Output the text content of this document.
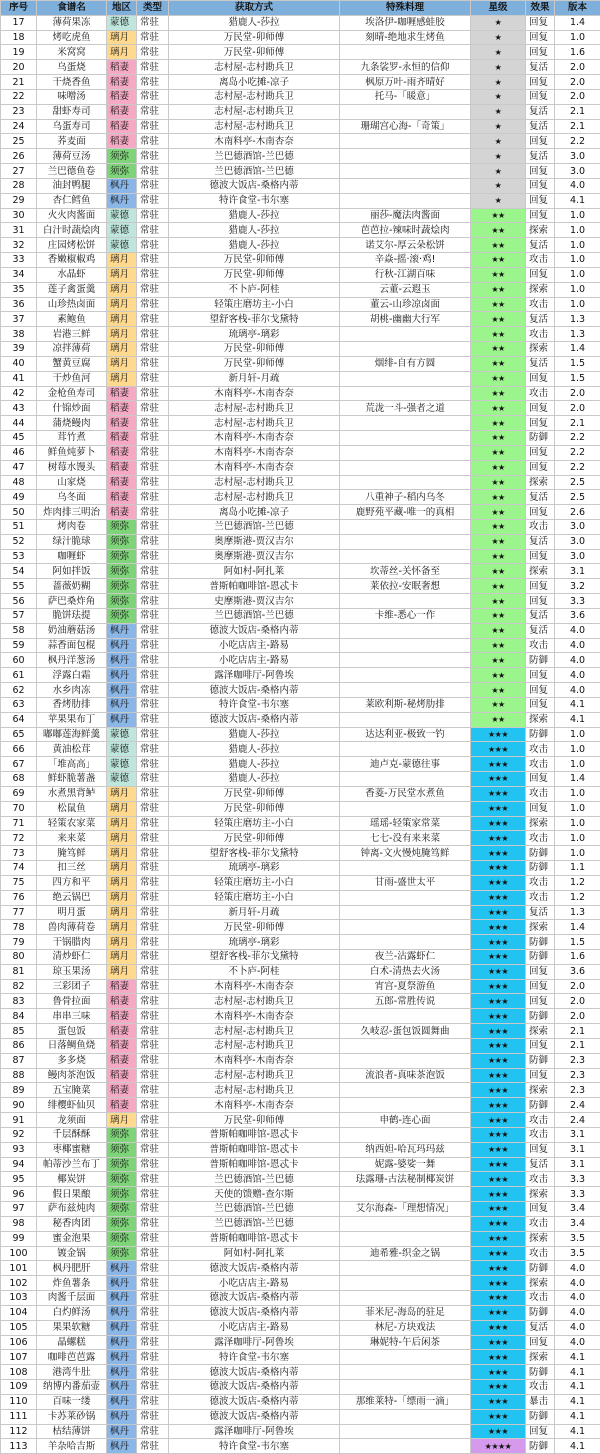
序号	食谱名	地区	类型	获取方式	特殊料理	星级	效果	版本
17	薄荷果冻	蒙德	常驻	猎鹿人-莎拉	埃洛伊-咖喱感蛙胶	★	回复	1.4
18	烤吃虎鱼	璃月	常驻	万民堂-卯师傅	刻晴-绝地求生烤鱼	★	回复	1.0
19	米窝窝	璃月	常驻	万民堂-卯师傅		★	回复	1.6
20	乌蛋烧	稻妻	常驻	志村屋-志村勘兵卫	九条裟罗-永恒的信仰	★	复活	2.0
21	干烧香鱼	稻妻	常驻	离岛小吃摊-凉子	枫原万叶-雨齐晴好	★	回复	2.0
22	味噌汤	稻妻	常驻	志村屋-志村勘兵卫	托马-「暖意」	★	回复	2.0
23	甜虾寿司	稻妻	常驻	志村屋-志村勘兵卫		★	复活	2.1
24	乌蛋寿司	稻妻	常驻	志村屋-志村勘兵卫	珊瑚宫心海-「奇策」	★	复活	2.1
25	荞麦面	稻妻	常驻	木南料亭-木南杏奈		★	回复	2.2
26	薄荷豆汤	须弥	常驻	兰巴德酒馆-兰巴德		★	复活	3.0
27	兰巴德鱼卷	须弥	常驻	兰巴德酒馆-兰巴德		★	回复	3.0
28	油封鸭腿	枫丹	常驻	德波大饭店-桑格内蒂		★	回复	4.0
29	杏仁鳕鱼	枫丹	常驻	特许食堂-韦尔塞		★	回复	4.1
30	火火肉酱面	蒙德	常驻	猎鹿人-莎拉	丽莎-魔法肉酱面	★★	回复	1.0
31	白汁时蔬烩肉	蒙德	常驻	猎鹿人-莎拉	芭芭拉-辣味时蔬烩肉	★★	探索	1.0
32	庄园烤松饼	蒙德	常驻	猎鹿人-莎拉	诺艾尔-厚云朵松饼	★★	复活	1.0
33	香嫩椒椒鸡	璃月	常驻	万民堂-卯师傅	辛焱-摇·滚·鸡!	★★	攻击	1.0
34	水晶虾	璃月	常驻	万民堂-卯师傅	行秋-江湖百味	★★	回复	1.0
35	莲子禽蛋羹	璃月	常驻	不卜庐-阿桂	云董-云遐玉	★★	探索	1.0
36	山珍热卤面	璃月	常驻	轻策庄磨坊主-小白	董云-山珍凉卤面	★★	攻击	1.0
37	素鲍鱼	璃月	常驻	望舒客栈-菲尔戈黛特	胡桃-幽幽大行军	★★	复活	1.3
38	岩港三鲜	璃月	常驻	琉璃亭-璃彩		★★	攻击	1.3
39	凉拌薄荷	璃月	常驻	万民堂-卯师傅		★★	探索	1.4
40	蟹黄豆腐	璃月	常驻	万民堂-卯师傅	烟绯-自有方圆	★★	复活	1.5
41	干炒鱼河	璃月	常驻	新月轩-月疏		★★	回复	1.5
42	金枪鱼寿司	稻妻	常驻	木南料亭-木南杏奈		★★	攻击	2.0
43	什锦炒面	稻妻	常驻	志村屋-志村勘兵卫	荒泷一斗-强者之道	★★	回复	2.0
44	蒲烧鳗肉	稻妻	常驻	志村屋-志村勘兵卫		★★	回复	2.1
45	茸竹煮	稻妻	常驻	木南料亭-木南杏奈		★★	防御	2.2
46	鲜鱼炖萝卜	稻妻	常驻	木南料亭-木南杏奈		★★	回复	2.2
47	树莓水馒头	稻妻	常驻	木南料亭-木南杏奈		★★	回复	2.2
48	山家烧	稻妻	常驻	志村屋-志村勘兵卫		★★	探索	2.5
49	乌冬面	稻妻	常驻	志村屋-志村勘兵卫	八重神子-稻内乌冬	★★	复活	2.5
50	炸肉排三明治	稻妻	常驻	离岛小吃摊-凉子	鹿野苑平藏-唯一的真相	★★	回复	2.6
51	烤肉卷	须弥	常驻	兰巴德酒馆-兰巴德		★★	攻击	3.0
52	绿汁脆球	须弥	常驻	奥摩斯港-贾汉吉尔		★★	复活	3.0
53	咖喱虾	须弥	常驻	奥摩斯港-贾汉吉尔		★★	回复	3.0
54	阿如拌饭	须弥	常驻	阿如村-阿扎莱	坎蒂丝-关怀备至	★★	探索	3.1
55	蔷薇奶糊	须弥	常驻	普斯帕咖啡馆-恩忒卡	莱依拉-安眠奢想	★★	回复	3.2
56	萨巴桑炸角	须弥	常驻	史摩斯港-贾汉吉尔		★★	回复	3.3
57	脆饼珐提	须弥	常驻	兰巴德酒馆-兰巴德	卡维-悉心一作	★★	复活	3.6
58	奶油蘑菇汤	枫丹	常驻	德波大饭店-桑格内蒂		★★	复活	4.0
59	蒜香面包棍	枫丹	常驻	小吃店店主-路易		★★	攻击	4.0
60	枫丹洋葱汤	枫丹	常驻	小吃店店主-路易		★★	防御	4.0
61	浮露白霜	枫丹	常驻	露泽咖啡厅-阿鲁埃		★★	回复	4.0
62	水乡肉冻	枫丹	常驻	德波大饭店-桑格内蒂		★★	回复	4.0
63	香烤肋排	枫丹	常驻	特许食堂-韦尔塞	莱欧利斯-秘烤肋排	★★	回复	4.1
64	苹果果布丁	枫丹	常驻	德波大饭店-桑格内蒂		★★	探索	4.1
65	嘟嘟莲海鲜羹	蒙德	常驻	猎鹿人-莎拉	达达利亚-极致一钓	★★★	防御	1.0
66	黄油松茸	蒙德	常驻	猎鹿人-莎拉		★★★	攻击	1.0
67	「堆高高」	蒙德	常驻	猎鹿人-莎拉	迪卢克-蒙德往事	★★★	攻击	1.0
68	鲜虾脆薯盏	蒙德	常驻	猎鹿人-莎拉		★★★	回复	1.4
69	水煮黑背鲈	璃月	常驻	万民堂-卯师傅	香菱-万民堂水煮鱼	★★★	攻击	1.0
70	松鼠鱼	璃月	常驻	万民堂-卯师傅		★★★	回复	1.0
71	轻策农家菜	璃月	常驻	轻策庄磨坊主-小白	瑶瑶-轻策家常菜	★★★	探索	1.0
72	来来菜	璃月	常驻	万民堂-卯师傅	七七-没有来来菜	★★★	攻击	1.0
73	腌笃鲜	璃月	常驻	望舒客栈-菲尔戈黛特	钟离-文火慢炖腌笃鲜	★★★	防御	1.0
74	扣三丝	璃月	常驻	琉璃亭-璃彩		★★★	防御	1.1
75	四方和平	璃月	常驻	轻策庄磨坊主-小白	甘雨-盛世太平	★★★	攻击	1.2
76	绝云锅巴	璃月	常驻	轻策庄磨坊主-小白		★★★	攻击	1.2
77	明月蛋	璃月	常驻	新月轩-月疏		★★★	复活	1.3
78	兽肉薄荷卷	璃月	常驻	万民堂-卯师傅		★★★	探索	1.4
79	干锅腊肉	璃月	常驻	琉璃亭-璃彩		★★★	防御	1.5
80	清炒虾仁	璃月	常驻	望舒客栈-菲尔戈黛特	夜兰-沾露虾仁	★★★	防御	1.6
81	琼玉果汤	璃月	常驻	不卜庐-阿桂	白术-清热去火汤	★★★	回复	3.6
82	三彩团子	稻妻	常驻	木南料亭-木南杏奈	宵宫-夏祭游鱼	★★★	回复	2.0
83	鲁骨拉面	稻妻	常驻	志村屋-志村勘兵卫	五郎-常胜传说	★★★	回复	2.0
84	串串三味	稻妻	常驻	木南料亭-木南杏奈		★★★	防御	2.0
85	蛋包饭	稻妻	常驻	志村屋-志村勘兵卫	久岐忍-蛋包饭圆舞曲	★★★	探索	2.1
86	日落鲷鱼烧	稻妻	常驻	志村屋-志村勘兵卫		★★★	回复	2.1
87	多多烧	稻妻	常驻	木南料亭-木南杏奈		★★★	防御	2.3
88	鳗肉茶泡饭	稻妻	常驻	志村屋-志村勘兵卫	流浪者-真味茶泡饭	★★★	回复	2.3
89	五宝腌菜	稻妻	常驻	志村屋-志村勘兵卫		★★★	探索	2.3
90	绯樱虾仙贝	稻妻	常驻	木南料亭-木南杏奈		★★★	防御	2.4
91	龙须面	璃月	常驻	万民堂-卯师傅	申鹤-连心面	★★★	攻击	2.4
92	千层酥酥	须弥	常驻	普斯帕咖啡馆-恩忒卡		★★★	攻击	3.1
93	枣椰蜜糖	须弥	常驻	普斯帕咖啡馆-恩忒卡	纳西妲-哈瓦玛玛兹	★★★	回复	3.1
94	帕蒂沙兰布丁	须弥	常驻	普斯帕咖啡馆-恩忒卡	妮露-婆娑一舞	★★★	复活	3.1
95	椰炭饼	须弥	常驻	兰巴德酒馆-兰巴德	珐露珊-古法秘制椰炭饼	★★★	攻击	3.3
96	假日果酿	须弥	常驻	天使的馈赠-查尔斯		★★★	探索	3.3
97	萨布兹炖肉	须弥	常驻	兰巴德酒馆-兰巴德	艾尔海森-「理想情况」	★★★	回复	3.4
98	秘香肉团	须弥	常驻	兰巴德酒馆-兰巴德		★★★	攻击	3.4
99	蜜金泡果	须弥	常驻	普斯帕咖啡馆-恩忒卡		★★★	探索	3.5
100	镀金锅	须弥	常驻	阿如村-阿扎莱	迪希雅-织金之锅	★★★	攻击	3.5
101	枫丹肥肝	枫丹	常驻	德波大饭店-桑格内蒂		★★★	防御	4.0
102	炸鱼薯条	枫丹	常驻	小吃店店主-路易		★★★	探索	4.0
103	肉酱千层面	枫丹	常驻	德波大饭店-桑格内蒂		★★★	攻击	4.0
104	白灼鲜汤	枫丹	常驻	德波大饭店-桑格内蒂	菲米尼-海岛的驻足	★★★	防御	4.0
105	果果软糖	枫丹	常驻	小吃店店主-路易	林尼-方块戏法	★★★	复活	4.0
106	晶螺糕	枫丹	常驻	露泽咖啡厅-阿鲁埃	琳妮特-午后闲茶	★★★	回复	4.0
107	咖啡芭芭露	枫丹	常驻	特许食堂-韦尔塞		★★★	探索	4.1
108	港湾牛肚	枫丹	常驻	德波大饭店-桑格内蒂		★★★	防御	4.1
109	纳博内番茄壶	枫丹	常驻	德波大饭店-桑格内蒂		★★★	攻击	4.1
110	百味一缕	枫丹	常驻	德波大饭店-桑格内蒂	那维莱特-「缥雨一滴」	★★★	暴击	4.1
111	卡苏莱砂锅	枫丹	常驻	德波大饭店-桑格内蒂		★★★	防御	4.1
112	枯结薄饼	枫丹	常驻	露泽咖啡厅-阿鲁埃		★★★	回复	4.1
113	羊杂哈吉斯	枫丹	常驻	特许食堂-韦尔塞		★★★★	防御	4.1
